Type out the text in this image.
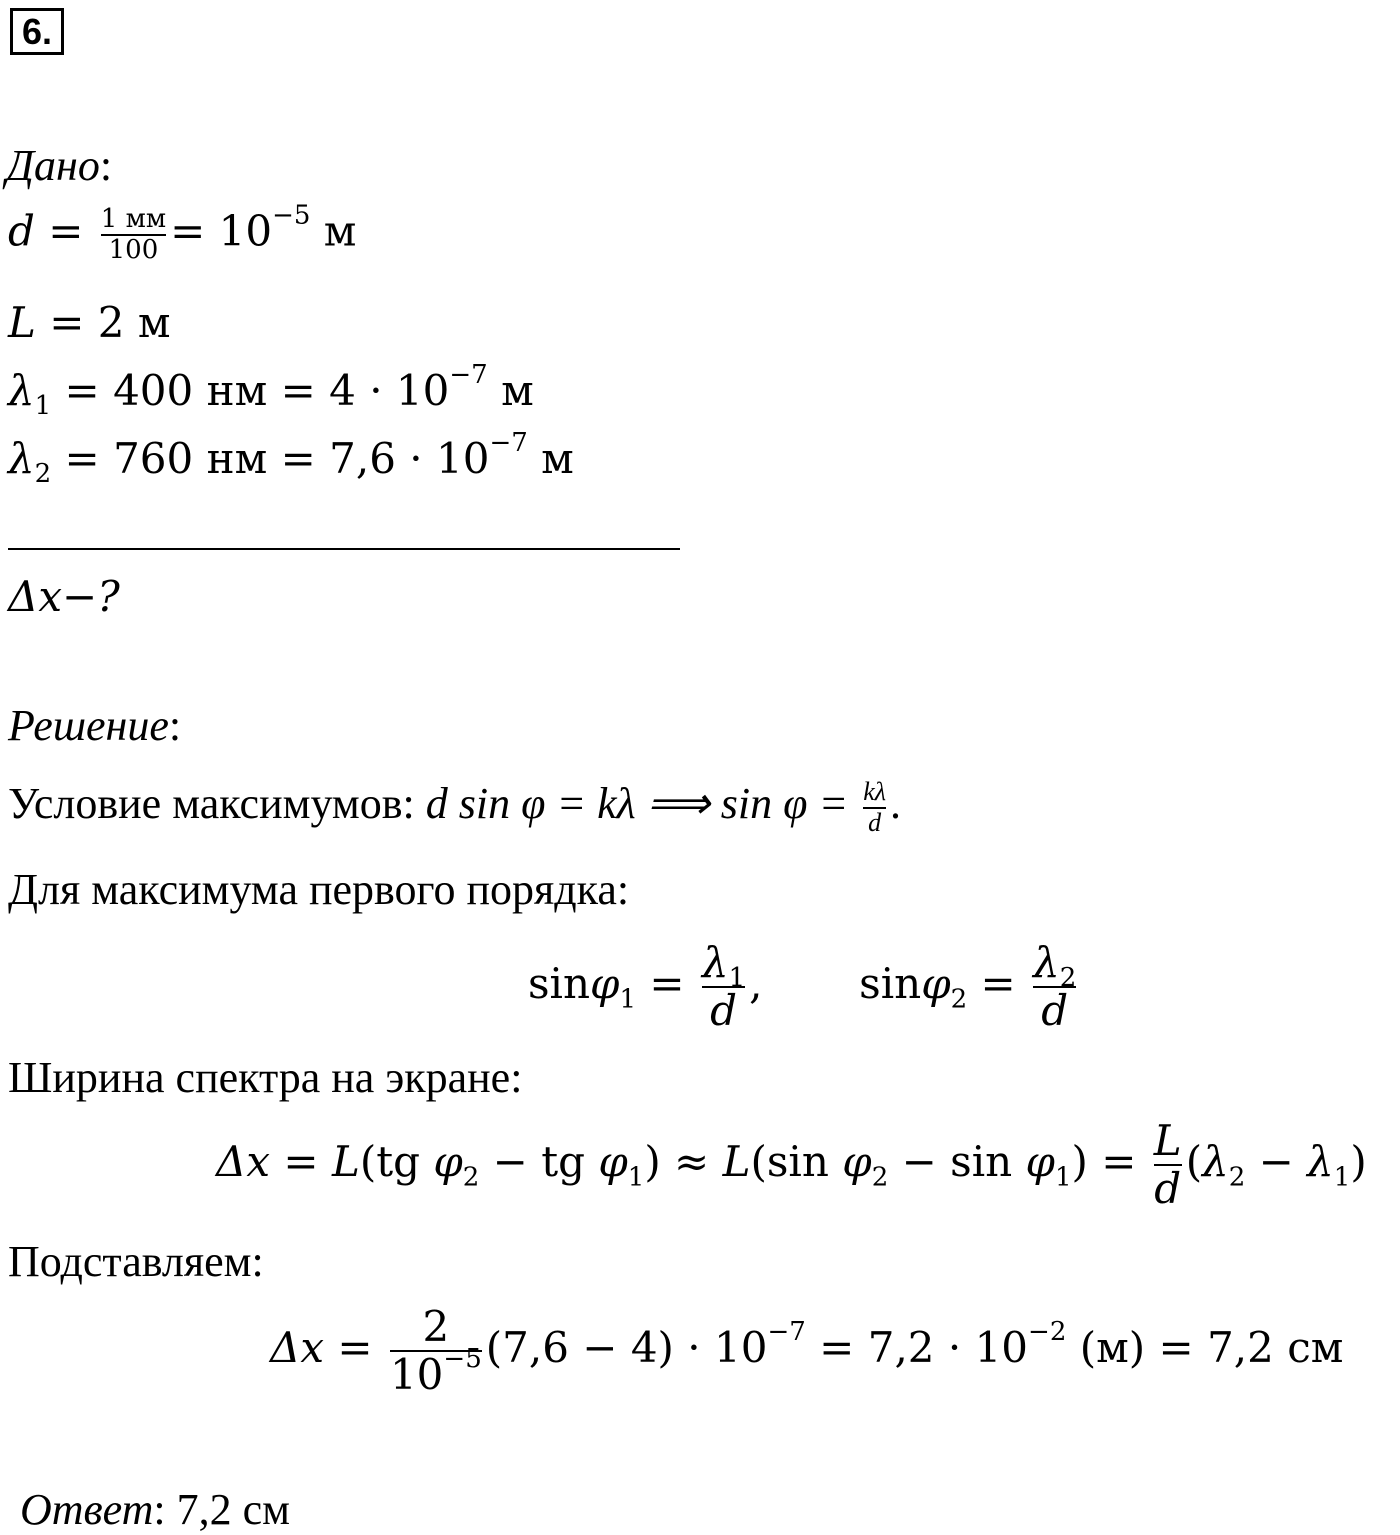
6.
Дано:
$d = \frac{1 мм}{100} = 10^{-5}$ м
L = 2 м
$\lambda_1 = 400$ нм = $4 \cdot 10^{-7}$ м
$\lambda_2 = 760$ нм = $7,6 \cdot 10^{-7}$ м
Δx−?
Решение:
Условие максимумов: d sin φ = kλ ⟹ $\sin \varphi = \frac{k\lambda}{d}$ .
Для максимума первого порядка:
$\sin\varphi_1 = \frac{\lambda_1}{d}$ ,  $\sin\varphi_2 = \frac{\lambda_2}{d}$
Ширина спектра на экране:
Δx = L(tg $\varphi_2$ − tg $\varphi_1) \approx L(\sin$ $\varphi_2 - \sin \varphi_1) = \frac{L}{d} (\lambda_2 - \lambda_1)$
Подставляем:
$\Delta x = \frac{2}{10^{-5}} (7,6 - 4) \cdot 10^{-7} = 7,2 \cdot 10^{-2}$ (м) = 7,2 см
Ответ: 7,2 см
